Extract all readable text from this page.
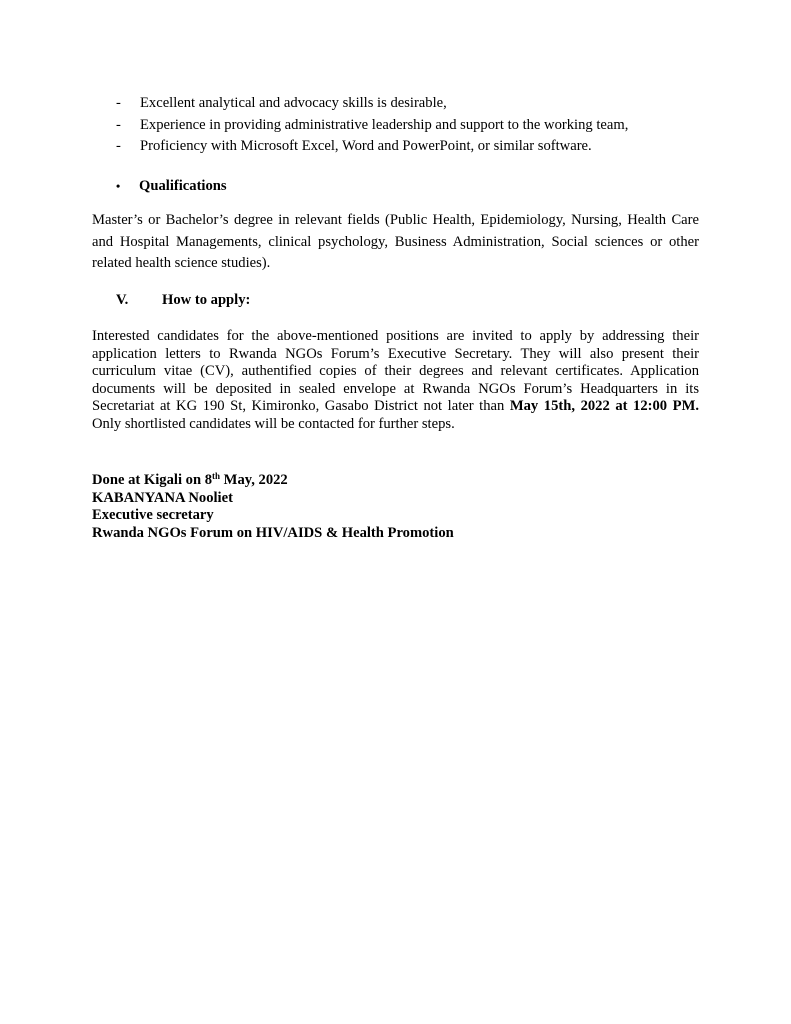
- Excellent analytical and advocacy skills is desirable,
- Experience in providing administrative leadership and support to the working team,
- Proficiency with Microsoft Excel, Word and PowerPoint, or similar software.
• Qualifications

Master’s or Bachelor’s degree in relevant fields (Public Health, Epidemiology, Nursing, Health Care and Hospital Managements, clinical psychology, Business Administration, Social sciences or other related health science studies).

V. How to apply:

Interested candidates for the above-mentioned positions are invited to apply by addressing their application letters to Rwanda NGOs Forum’s Executive Secretary. They will also present their curriculum vitae (CV), authentified copies of their degrees and relevant certificates. Application documents will be deposited in sealed envelope at Rwanda NGOs Forum’s Headquarters in its Secretariat at KG 190 St, Kimironko, Gasabo District not later than May 15th, 2022 at 12:00 PM. Only shortlisted candidates will be contacted for further steps.

Done at Kigali on 8th May, 2022
KABANYANA Nooliet
Executive secretary
Rwanda NGOs Forum on HIV/AIDS & Health Promotion
